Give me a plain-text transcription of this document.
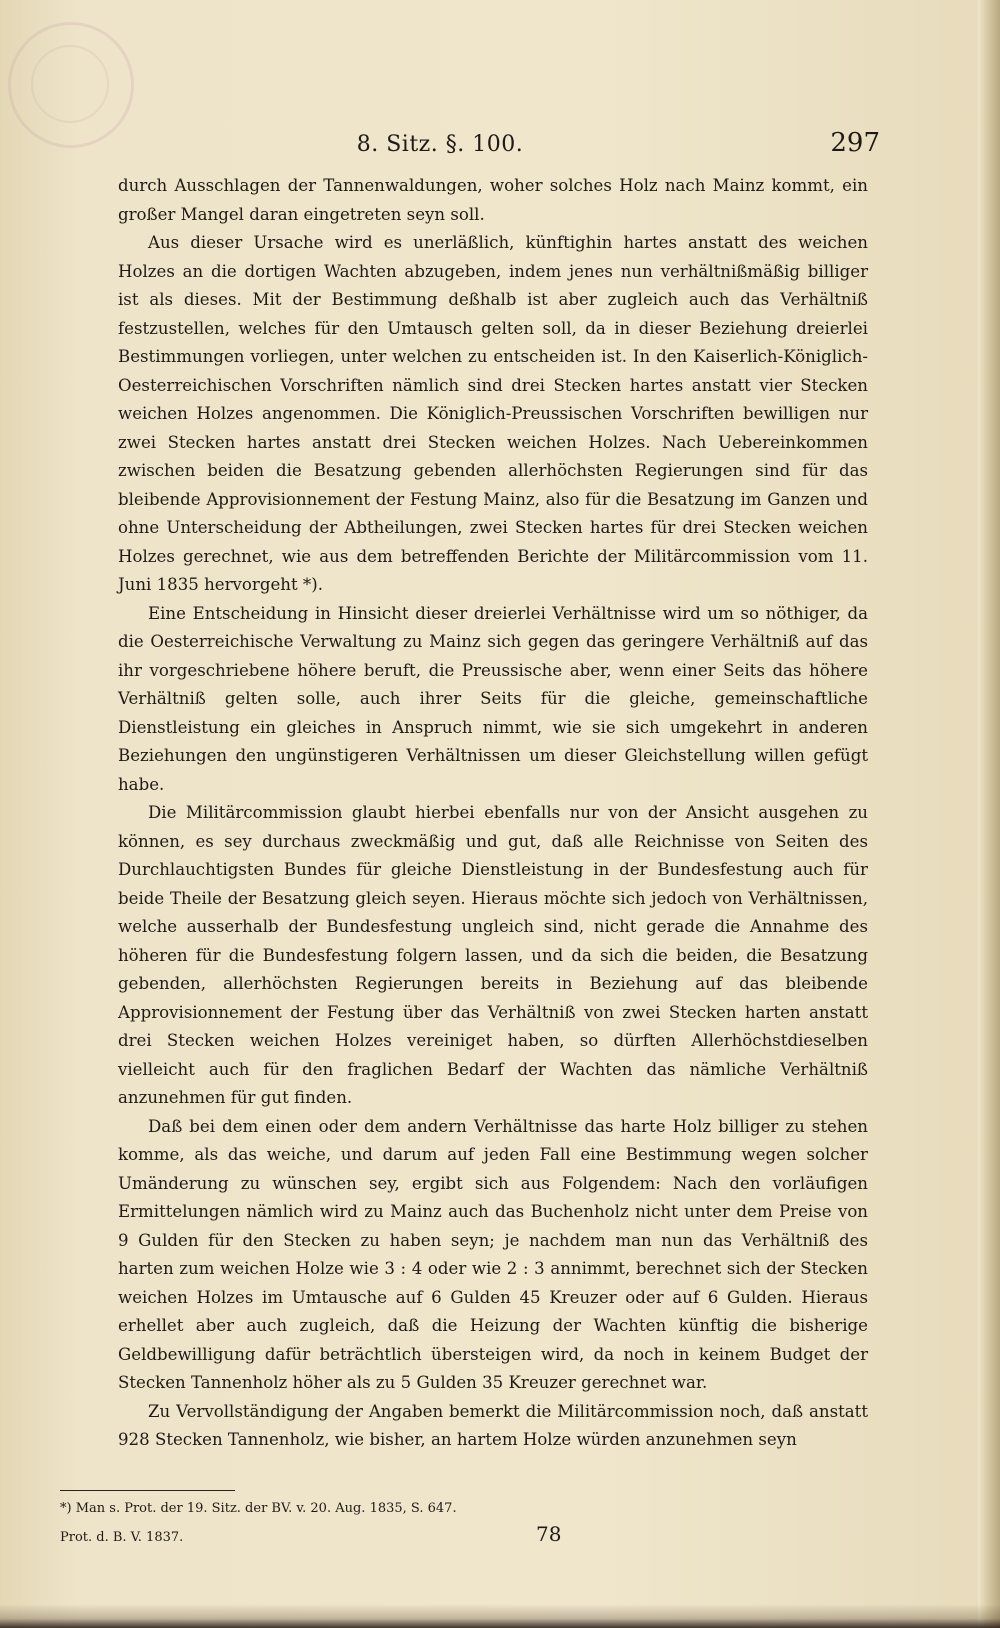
8. Sitz. §. 100.	297

durch Ausschlagen der Tannenwaldungen, woher solches Holz nach Mainz kommt, ein großer Mangel daran eingetreten seyn soll.

Aus dieser Ursache wird es unerläßlich, künftighin hartes anstatt des weichen Holzes an die dortigen Wachten abzugeben, indem jenes nun verhältnißmäßig billiger ist als dieses. Mit der Bestimmung deßhalb ist aber zugleich auch das Verhältniß festzustellen, welches für den Umtausch gelten soll, da in dieser Beziehung dreierlei Bestimmungen vorliegen, unter welchen zu entscheiden ist. In den Kaiserlich-Königlich-Oesterreichischen Vorschriften nämlich sind drei Stecken hartes anstatt vier Stecken weichen Holzes angenommen. Die Königlich-Preussischen Vorschriften bewilligen nur zwei Stecken hartes anstatt drei Stecken weichen Holzes. Nach Uebereinkommen zwischen beiden die Besatzung gebenden allerhöchsten Regierungen sind für das bleibende Approvisionnement der Festung Mainz, also für die Besatzung im Ganzen und ohne Unterscheidung der Abtheilungen, zwei Stecken hartes für drei Stecken weichen Holzes gerechnet, wie aus dem betreffenden Berichte der Militärcommission vom 11. Juni 1835 hervorgeht *).

Eine Entscheidung in Hinsicht dieser dreierlei Verhältnisse wird um so nöthiger, da die Oesterreichische Verwaltung zu Mainz sich gegen das geringere Verhältniß auf das ihr vorgeschriebene höhere beruft, die Preussische aber, wenn einer Seits das höhere Verhältniß gelten solle, auch ihrer Seits für die gleiche, gemeinschaftliche Dienstleistung ein gleiches in Anspruch nimmt, wie sie sich umgekehrt in anderen Beziehungen den ungünstigeren Verhältnissen um dieser Gleichstellung willen gefügt habe.

Die Militärcommission glaubt hierbei ebenfalls nur von der Ansicht ausgehen zu können, es sey durchaus zweckmäßig und gut, daß alle Reichnisse von Seiten des Durchlauchtigsten Bundes für gleiche Dienstleistung in der Bundesfestung auch für beide Theile der Besatzung gleich seyen. Hieraus möchte sich jedoch von Verhältnissen, welche ausserhalb der Bundesfestung ungleich sind, nicht gerade die Annahme des höheren für die Bundesfestung folgern lassen, und da sich die beiden, die Besatzung gebenden, allerhöchsten Regierungen bereits in Beziehung auf das bleibende Approvisionnement der Festung über das Verhältniß von zwei Stecken harten anstatt drei Stecken weichen Holzes vereiniget haben, so dürften Allerhöchstdieselben vielleicht auch für den fraglichen Bedarf der Wachten das nämliche Verhältniß anzunehmen für gut finden.

Daß bei dem einen oder dem andern Verhältnisse das harte Holz billiger zu stehen komme, als das weiche, und darum auf jeden Fall eine Bestimmung wegen solcher Umänderung zu wünschen sey, ergibt sich aus Folgendem: Nach den vorläufigen Ermittelungen nämlich wird zu Mainz auch das Buchenholz nicht unter dem Preise von 9 Gulden für den Stecken zu haben seyn; je nachdem man nun das Verhältniß des harten zum weichen Holze wie 3 : 4 oder wie 2 : 3 annimmt, berechnet sich der Stecken weichen Holzes im Umtausche auf 6 Gulden 45 Kreuzer oder auf 6 Gulden. Hieraus erhellet aber auch zugleich, daß die Heizung der Wachten künftig die bisherige Geldbewilligung dafür beträchtlich übersteigen wird, da noch in keinem Budget der Stecken Tannenholz höher als zu 5 Gulden 35 Kreuzer gerechnet war.

Zu Vervollständigung der Angaben bemerkt die Militärcommission noch, daß anstatt 928 Stecken Tannenholz, wie bisher, an hartem Holze würden anzunehmen seyn

*) Man s. Prot. der 19. Sitz. der BV. v. 20. Aug. 1835, S. 647.
Prot. d. B. V. 1837.	78
